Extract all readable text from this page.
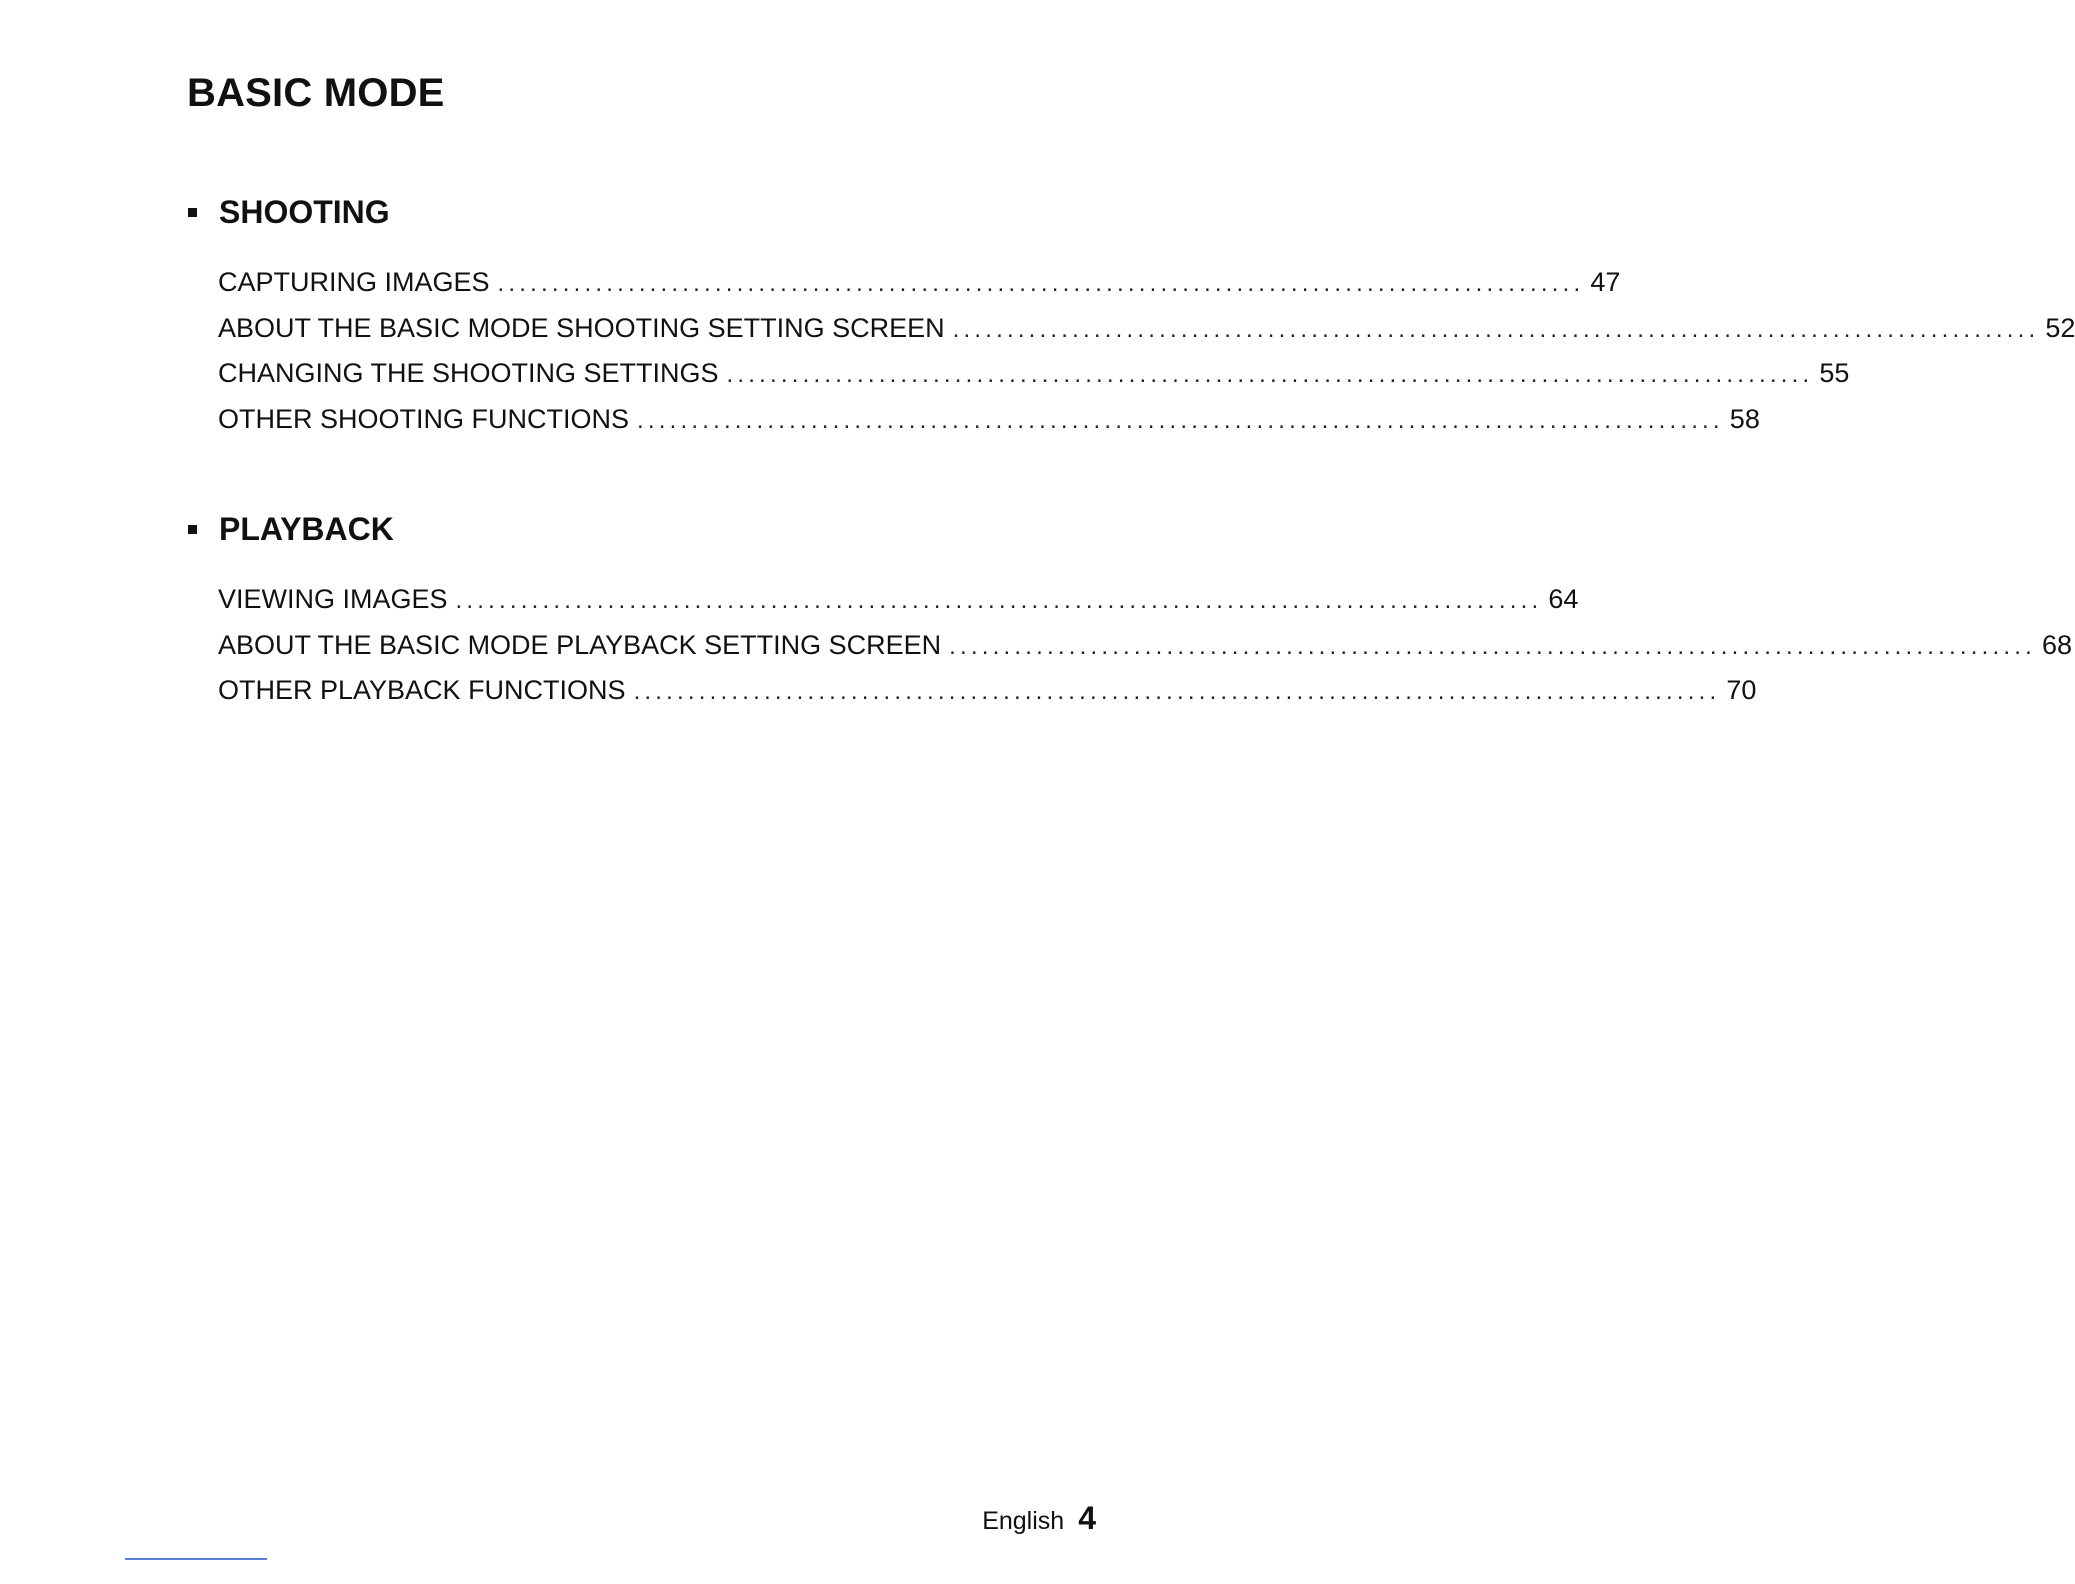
BASIC MODE
SHOOTING
CAPTURING IMAGES .................................................................................................... 47
ABOUT THE BASIC MODE SHOOTING SETTING SCREEN .................................................................................................... 52
CHANGING THE SHOOTING SETTINGS .................................................................................................... 55
OTHER SHOOTING FUNCTIONS .................................................................................................... 58
PLAYBACK
VIEWING IMAGES .................................................................................................... 64
ABOUT THE BASIC MODE PLAYBACK SETTING SCREEN .................................................................................................... 68
OTHER PLAYBACK FUNCTIONS .................................................................................................... 70
English 4
